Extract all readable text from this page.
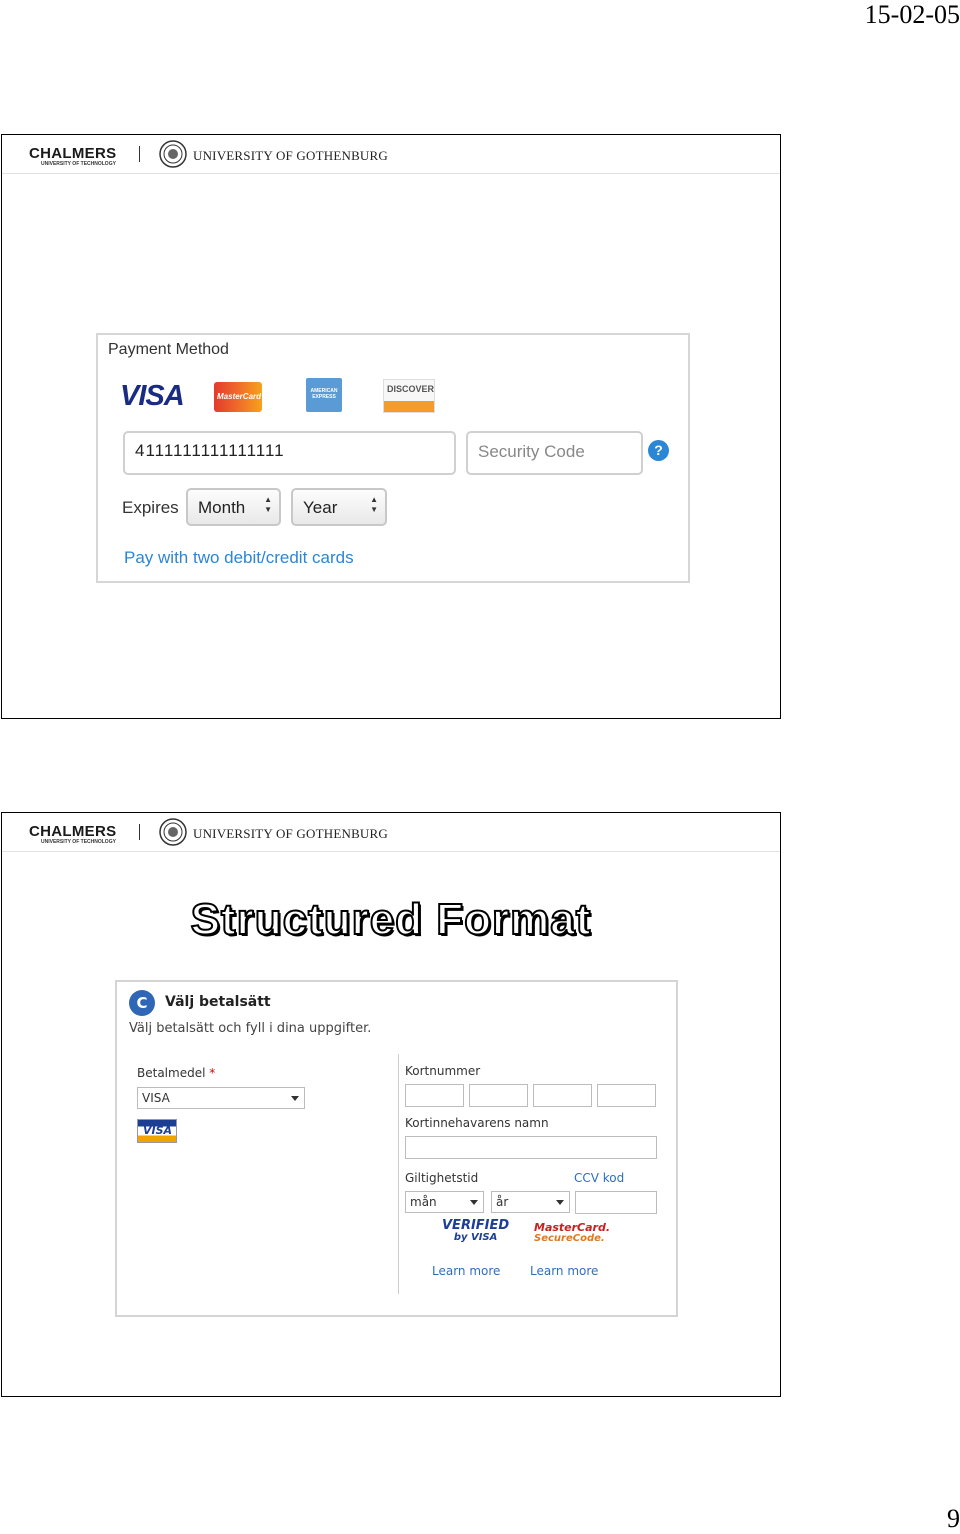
15-02-05
CHALMERS
UNIVERSITY OF TECHNOLOGY
UNIVERSITY OF GOTHENBURG
Payment Method
VISA	MasterCard
AMERICAN EXPRESS
DISCOVER
4111111111111111	Security Code	?
Expires Month ▲
▼ Year	▲
▼
Pay with two debit/credit cards
CHALMERS
UNIVERSITY OF TECHNOLOGY
UNIVERSITY OF GOTHENBURG
Structured Format
C	Välj betalsätt
Välj betalsätt och fyll i dina uppgifter.
Betalmedel *
VISA
VISA
Kortnummer
Kortinnehavarens namn
Giltighetstid	CCV kod
mån	år
VERIFIED
by VISA
MasterCard.
SecureCode.
Learn more Learn more
9
